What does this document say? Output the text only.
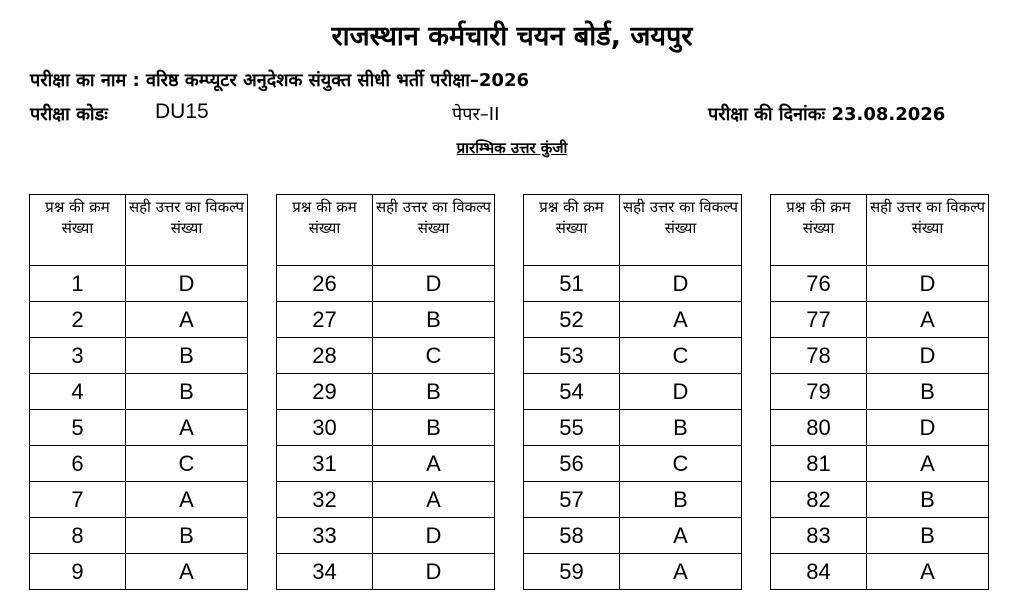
राजस्थान कर्मचारी चयन बोर्ड, जयपुर
परीक्षा का नाम : वरिष्ठ कम्प्यूटर अनुदेशक संयुक्त सीधी भर्ती परीक्षा–2026
परीक्षा कोडः DU15	पेपर–II	परीक्षा की दिनांकः 23.08.2026
प्रारम्भिक उत्तर कुंजी
प्रश्न की क्रम संख्या	सही उत्तर का विकल्प संख्या
1	D
2	A
3	B
4	B
5	A
6	C
7	A
8	B
9	A
प्रश्न की क्रम संख्या	सही उत्तर का विकल्प संख्या
26	D
27	B
28	C
29	B
30	B
31	A
32	A
33	D
34	D
प्रश्न की क्रम संख्या	सही उत्तर का विकल्प संख्या
51	D
52	A
53	C
54	D
55	B
56	C
57	B
58	A
59	A
प्रश्न की क्रम संख्या	सही उत्तर का विकल्प संख्या
76	D
77	A
78	D
79	B
80	D
81	A
82	B
83	B
84	A
